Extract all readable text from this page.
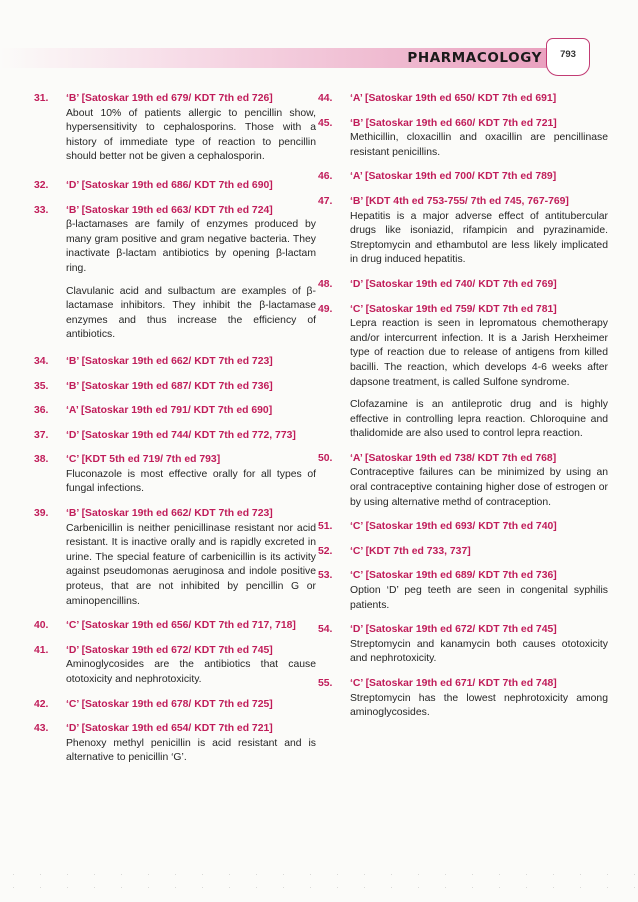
PHARMACOLOGY	793
31.	‘B’ [Satoskar 19th ed 679/ KDT 7th ed 726]
About 10% of patients allergic to pencillin show, hypersensitivity to cephalosporins. Those with a history of immediate type of reaction to pencillin should better not be given a cephalosporin.
32.	‘D’ [Satoskar 19th ed 686/ KDT 7th ed 690]
33.	‘B’ [Satoskar 19th ed 663/ KDT 7th ed 724]
β-lactamases are family of enzymes produced by many gram positive and gram negative bacteria. They inactivate β-lactam antibiotics by opening β-lactam ring.
Clavulanic acid and sulbactum are examples of β-lactamase inhibitors. They inhibit the β-lactamase enzymes and thus increase the efficiency of antibiotics.
34.	‘B’ [Satoskar 19th ed 662/ KDT 7th ed 723]
35.	‘B’ [Satoskar 19th ed 687/ KDT 7th ed 736]
36.	‘A’ [Satoskar 19th ed 791/ KDT 7th ed 690]
37.	‘D’ [Satoskar 19th ed 744/ KDT 7th ed 772, 773]
38.	‘C’ [KDT 5th ed 719/ 7th ed 793]
Fluconazole is most effective orally for all types of fungal infections.
39.	‘B’ [Satoskar 19th ed 662/ KDT 7th ed 723]
Carbenicillin is neither penicillinase resistant nor acid resistant. It is inactive orally and is rapidly excreted in urine. The special feature of carbenicillin is its activity against pseudomonas aeruginosa and indole positive proteus, that are not inhibited by pencillin G or aminopencillins.
40.	‘C’ [Satoskar 19th ed 656/ KDT 7th ed 717, 718]
41.	‘D’ [Satoskar 19th ed 672/ KDT 7th ed 745]
Aminoglycosides are the antibiotics that cause ototoxicity and nephrotoxicity.
42.	‘C’ [Satoskar 19th ed 678/ KDT 7th ed 725]
43.	‘D’ [Satoskar 19th ed 654/ KDT 7th ed 721]
Phenoxy methyl penicillin is acid resistant and is alternative to penicillin ‘G’.
44.	‘A’ [Satoskar 19th ed 650/ KDT 7th ed 691]
45.	‘B’ [Satoskar 19th ed 660/ KDT 7th ed 721]
Methicillin, cloxacillin and oxacillin are pencillinase resistant penicillins.
46.	‘A’ [Satoskar 19th ed 700/ KDT 7th ed 789]
47.	‘B’ [KDT 4th ed 753-755/ 7th ed 745, 767-769]
Hepatitis is a major adverse effect of antitubercular drugs like isoniazid, rifampicin and pyrazinamide. Streptomycin and ethambutol are less likely implicated in drug induced hepatitis.
48.	‘D’ [Satoskar 19th ed 740/ KDT 7th ed 769]
49.	‘C’ [Satoskar 19th ed 759/ KDT 7th ed 781]
Lepra reaction is seen in lepromatous chemotherapy and/or intercurrent infection. It is a Jarish Herxheimer type of reaction due to release of antigens from killed bacilli. The reaction, which develops 4-6 weeks after dapsone treatment, is called Sulfone syndrome.
Clofazamine is an antileprotic drug and is highly effective in controlling lepra reaction. Chloroquine and thalidomide are also used to control lepra reaction.
50.	‘A’ [Satoskar 19th ed 738/ KDT 7th ed 768]
Contraceptive failures can be minimized by using an oral contraceptive containing higher dose of estrogen or by using alternative methd of contraception.
51.	‘C’ [Satoskar 19th ed 693/ KDT 7th ed 740]
52.	‘C’ [KDT 7th ed 733, 737]
53.	‘C’ [Satoskar 19th ed 689/ KDT 7th ed 736]
Option ‘D’ peg teeth are seen in congenital syphilis patients.
54.	‘D’ [Satoskar 19th ed 672/ KDT 7th ed 745]
Streptomycin and kanamycin both causes ototoxicity and nephrotoxicity.
55.	‘C’ [Satoskar 19th ed 671/ KDT 7th ed 748]
Streptomycin has the lowest nephrotoxicity among aminoglycosides.
